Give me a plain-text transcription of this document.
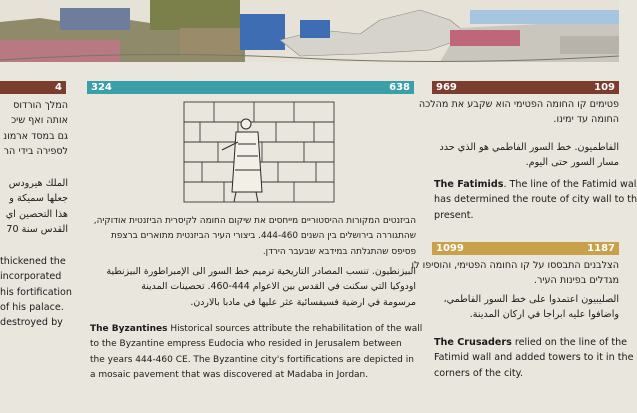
4	324	638	969	109
1099	1187
המלך הורדוס
אותה ואף שיכ
גם במסד ארמונ
לספירה בידי הר
الملك هيرودس
جعلها سميكة و
هذا التحصين اي
القدس سنة 70
thickened the
incorporated
his fortification
of his palace.
destroyed by
הביזנטים המקורות ההיסטוריים מייחסים את שיקום החומה לקיסרית הביזנטית אודוקיה,
שהתגוררה בירושלים בין השנים 444-460. ביצורי העיר הביזנטית מתוארים ברצפת
פסיפס שהתגלתה במידבא שבעבר הירדן.
البيزنطيون. تنسب المصادر التاريخية ترميم خط السور الى الإمبراطورة البيزنطية
اودوكيا التي سكنت في القدس بين الاعوام 444-460. تحصينات المدينة
مرسومة في ارضية فسيفسائية عثر عليها في مادبا بالاردن.
The Byzantines Historical sources attribute the rehabilitation of the wall
to the Byzantine empress Eudocia who resided in Jerusalem between
the years 444-460 CE. The Byzantine city's fortifications are depicted in
a mosaic pavement that was discovered at Madaba in Jordan.
פטימים קו החומה הפטימי הוא שקבע את מהלכה
החומה עד ימינו.
الفاطميون. خط السور الفاطمي هو الذي حدد
مسار السور حتى اليوم.
The Fatimids. The line of the Fatimid wal
has determined the route of city wall to th
present.
הצלבנים התבססו על קו החומה הפטימי, והוסיפו לו
מגדלים בפינות העיר.
الصليبيون اعتمدوا على خط السور الفاطمي،
واضافوا عليه ابراجا في اركان المدينة.
The Crusaders relied on the line of the
Fatimid wall and added towers to it in the
corners of the city.
